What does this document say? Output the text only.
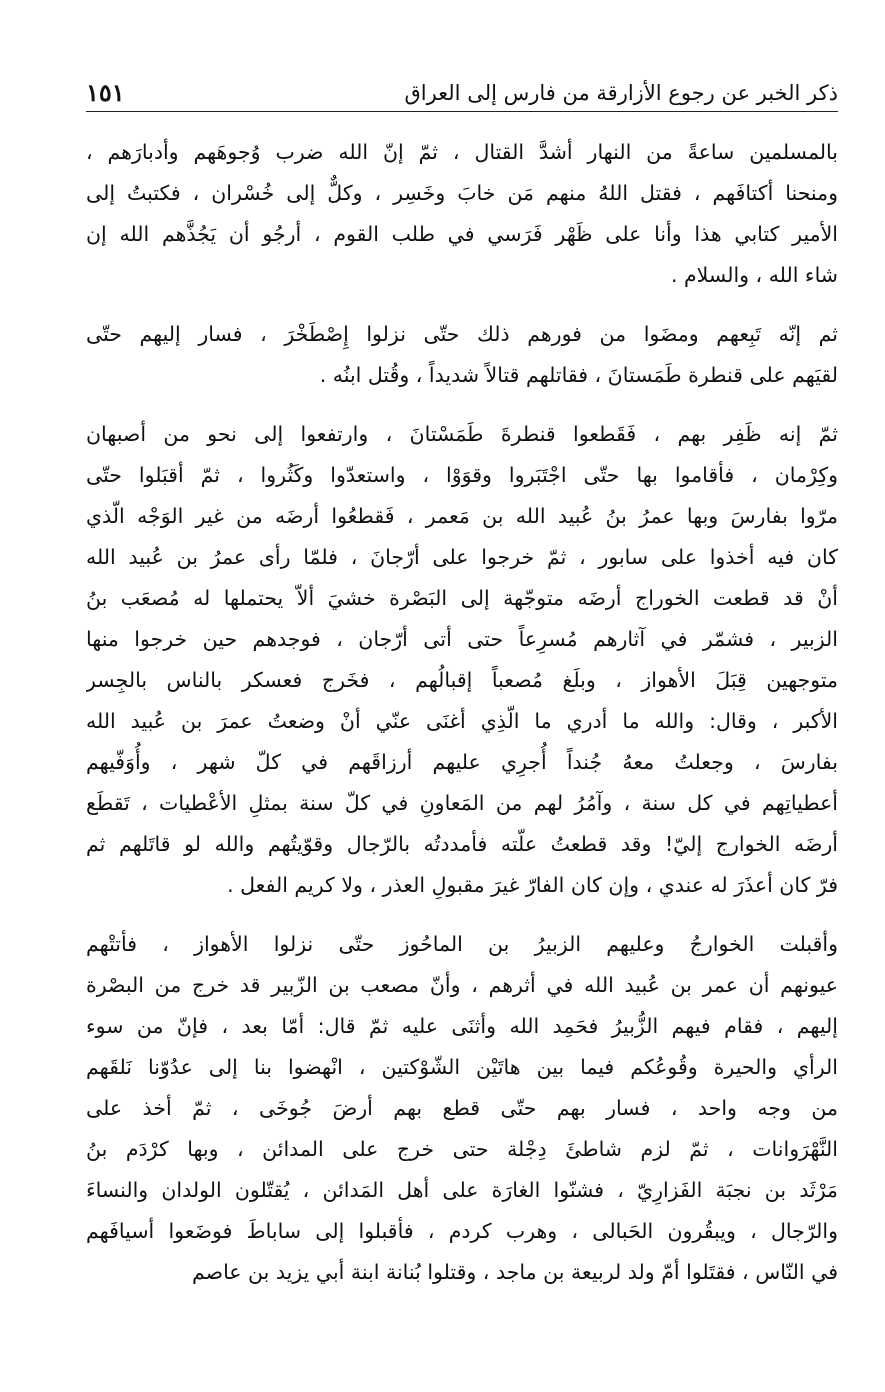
١٥١	ذكر الخبر عن رجوع الأزارقة من فارس إلى العراق
بالمسلمين ساعةً من النهار أشدَّ القتال ، ثمّ إنّ الله ضرب وُجوهَهم وأدبارَهم ،
ومنحنا أكتافَهم ، فقتل اللهُ منهم مَن خابَ وخَسِر ، وكلٌّ إلى خُسْران ، فكتبتُ إلى
الأمير كتابي هذا وأنا على ظَهْر فَرَسي في طلب القوم ، أرجُو أن يَجُذَّهم الله إن
شاء الله ، والسلام .
ثم إنّه تَبِعهم ومضَوا من فورهم ذلك حتّى نزلوا إِصْطَخْرَ ، فسار إليهم حتّى
لقيَهم على قنطرة طَمَستانَ ، فقاتلهم قتالاً شديداً ، وقُتل ابنُه .
ثمّ إنه ظَفِر بهم ، فَقَطعوا قنطرةَ طَمَسْتانَ ، وارتفعوا إلى نحو من أصبهان
وكِرْمان ، فأقاموا بها حتّى اجْتَبَروا وقوَوْا ، واستعدّوا وكَثُروا ، ثمّ أقبَلوا حتّى
مرّوا بفارسَ وبها عمرُ بنُ عُبيد الله بن مَعمر ، فَقطعُوا أرضَه من غير الوَجْه الّذي
كان فيه أخذوا على سابور ، ثمّ خرجوا على أرّجانَ ، فلمّا رأى عمرُ بن عُبيد الله
أنْ قد قطعت الخوراج أرضَه متوجّهة إلى البَصْرة خشيَ ألاّ يحتملها له مُصعَب بنُ
الزبير ، فشمّر في آثارهم مُسرِعاً حتى أتى أرّجان ، فوجدهم حين خرجوا منها
متوجهين قِبَلَ الأهواز ، وبلَغ مُصعباً إقبالُهم ، فخَرج فعسكر بالناس بالجِسر
الأكبر ، وقال: والله ما أدري ما الّذِي أغنَى عنّي أنْ وضعتُ عمرَ بن عُبيد الله
بفارسَ ، وجعلتُ معهُ جُنداً أُجرِي عليهم أرزاقَهم في كلّ شهر ، وأُوَفّيهم
أعطياتِهم في كل سنة ، وآمُرُ لهم من المَعاونِ في كلّ سنة بمثلِ الأعْطيات ، تَقطَع
أرضَه الخوارج إليّ! وقد قطعتُ علّته فأمددتُه بالرّجال وقوّيتُهم والله لو قاتَلهم ثم
فرّ كان أعذَرَ له عندي ، وإن كان الفارّ غيرَ مقبولِ العذر ، ولا كريم الفعل .
وأقبلت الخوارجُ وعليهم الزبيرُ بن الماحُوز حتّى نزلوا الأهواز ، فأتتْهم
عيونهم أن عمر بن عُبيد الله في أثرهم ، وأنّ مصعب بن الزّبير قد خرج من البصْرة
إليهم ، فقام فيهم الزُّبيرُ فحَمِد الله وأثنَى عليه ثمّ قال: أمّا بعد ، فإنّ من سوء
الرأي والحيرة وقُوعُكم فيما بين هاتَيْن الشّوْكتين ، انْهضوا بنا إلى عدُوّنا نَلقَهم
من وجه واحد ، فسار بهم حتّى قطع بهم أرضَ جُوخَى ، ثمّ أخذ على
النَّهْرَوانات ، ثمّ لزم شاطئَ دِجْلة حتى خرج على المدائن ، وبها كرْدَم بنُ
مَرْثَد بن نجبَة الفَزارِيّ ، فشنّوا الغارَة على أهل المَدائن ، يُقتّلون الولدان والنساءَ
والرّجال ، ويبقُرون الحَبالى ، وهرب كردم ، فأقبلوا إلى ساباطَ فوضَعوا أسيافَهم
في النّاس ، فقتَلوا أمّ ولد لربيعة بن ماجد ، وقتلوا بُنانة ابنة أبي يزيد بن عاصم
